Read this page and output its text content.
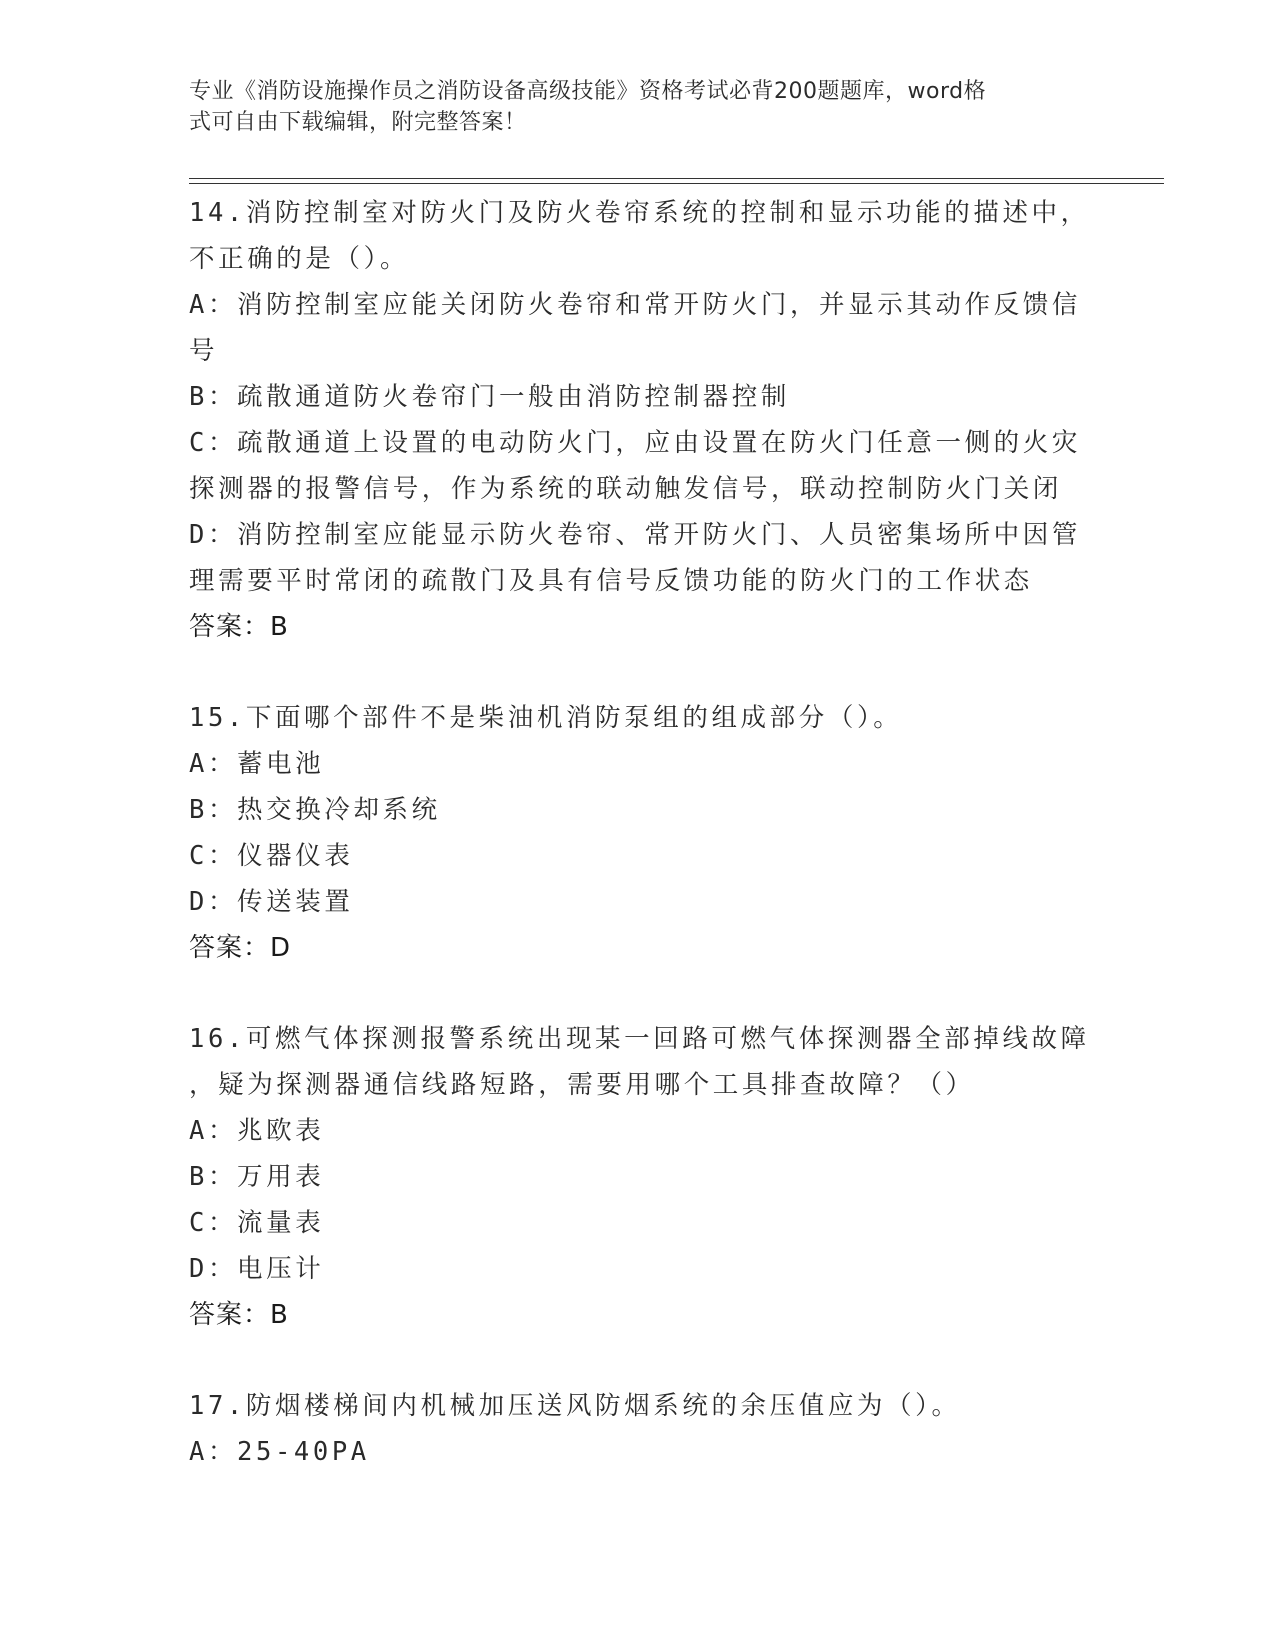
专业《消防设施操作员之消防设备高级技能》资格考试必背200题题库，word格
式可自由下载编辑，附完整答案！
14.消防控制室对防火门及防火卷帘系统的控制和显示功能的描述中，
不正确的是（）。
A：消防控制室应能关闭防火卷帘和常开防火门，并显示其动作反馈信
号
B：疏散通道防火卷帘门一般由消防控制器控制
C：疏散通道上设置的电动防火门，应由设置在防火门任意一侧的火灾
探测器的报警信号，作为系统的联动触发信号，联动控制防火门关闭
D：消防控制室应能显示防火卷帘、常开防火门、人员密集场所中因管
理需要平时常闭的疏散门及具有信号反馈功能的防火门的工作状态
答案：B
15.下面哪个部件不是柴油机消防泵组的组成部分（）。
A：蓄电池
B：热交换冷却系统
C：仪器仪表
D：传送装置
答案：D
16.可燃气体探测报警系统出现某一回路可燃气体探测器全部掉线故障
，疑为探测器通信线路短路，需要用哪个工具排查故障？（）
A：兆欧表
B：万用表
C：流量表
D：电压计
答案：B
17.防烟楼梯间内机械加压送风防烟系统的余压值应为（）。
A：25-40PA
